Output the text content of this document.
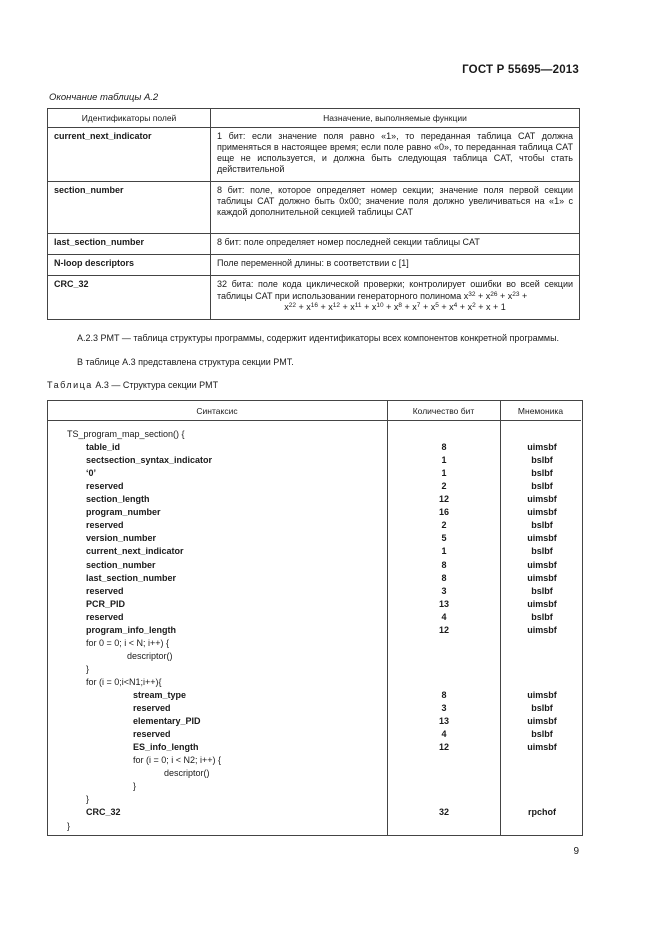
ГОСТ Р 55695—2013
Окончание таблицы А.2
Идентификаторы полей	Назначение, выполняемые функции
current_next_indicator	1 бит: если значение поля равно «1», то переданная таблица CAT должна применяться в настоящее время; если поле равно «0», то переданная таблица CAT еще не используется, и должна быть следующая таблица CAT, чтобы стать действительной
section_number	8 бит: поле, которое определяет номер секции; значение поля первой секции таблицы CAT должно быть 0x00; значение поля должно увеличиваться на «1» с каждой дополнительной секцией таблицы CAT
last_section_number	8 бит: поле определяет номер последней секции таблицы CAT
N-loop descriptors	Поле переменной длины: в соответствии с [1]
CRC_32	32 бита: поле кода циклической проверки; контролирует ошибки во всей секции таблицы CAT при использовании генераторного полинома $x^{32} + x^{26} + x^{23}$ +

$x^{22} + x^{16} + x^{12} + x^{11} + x^{10} + x^8 + x^7 + x^5 + x^4 + x^2 + x + 1$
А.2.3 PMT — таблица структуры программы, содержит идентификаторы всех компонентов конкретной программы.
В таблице А.3 представлена структура секции PMT.
Таблица А.3 — Структура секции PMT
Синтаксис	Количество бит	Мнемоника
TS_program_map_section() {
table_id	8	uimsbf
sectsection_syntax_indicator	1	bslbf
‘0’	1	bslbf
reserved	2	bslbf
section_length	12	uimsbf
program_number	16	uimsbf
reserved	2	bslbf
version_number	5	uimsbf
current_next_indicator	1	bslbf
section_number	8	uimsbf
last_section_number	8	uimsbf
reserved	3	bslbf
PCR_PID	13	uimsbf
reserved	4	bslbf
program_info_length	12	uimsbf
for 0 = 0; i < N; i++) {
descriptor()
}
for (i = 0;i<N1;i++){
stream_type	8	uimsbf
reserved	3	bslbf
elementary_PID	13	uimsbf
reserved	4	bslbf
ES_info_length	12	uimsbf
for (i = 0; i < N2; i++) {
descriptor()
}
}
CRC_32	32	rpchof
}
9
